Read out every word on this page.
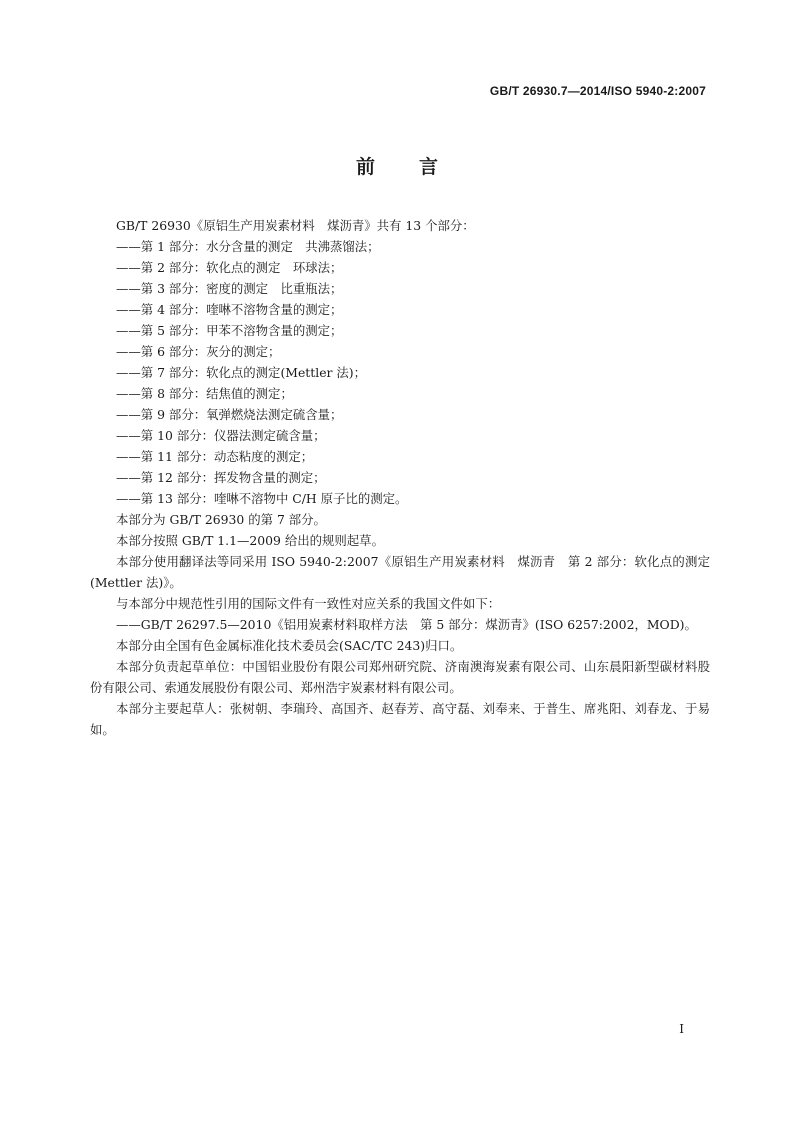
GB/T 26930.7—2014/ISO 5940-2:2007
前言

GB/T 26930《原铝生产用炭素材料　煤沥青》共有 13 个部分：

——第 1 部分：水分含量的测定　共沸蒸馏法；

——第 2 部分：软化点的测定　环球法；

——第 3 部分：密度的测定　比重瓶法；

——第 4 部分：喹啉不溶物含量的测定；

——第 5 部分：甲苯不溶物含量的测定；

——第 6 部分：灰分的测定；

——第 7 部分：软化点的测定(Mettler 法)；

——第 8 部分：结焦值的测定；

——第 9 部分：氧弹燃烧法测定硫含量；

——第 10 部分：仪器法测定硫含量；

——第 11 部分：动态粘度的测定；

——第 12 部分：挥发物含量的测定；

——第 13 部分：喹啉不溶物中 C/H 原子比的测定。

本部分为 GB/T 26930 的第 7 部分。

本部分按照 GB/T 1.1—2009 给出的规则起草。

本部分使用翻译法等同采用 ISO 5940-2:2007《原铝生产用炭素材料　煤沥青　第 2 部分：软化点的测定(Mettler 法)》。

与本部分中规范性引用的国际文件有一致性对应关系的我国文件如下：

——GB/T 26297.5—2010《铝用炭素材料取样方法　第 5 部分：煤沥青》(ISO 6257:2002，MOD)。

本部分由全国有色金属标准化技术委员会(SAC/TC 243)归口。

本部分负责起草单位：中国铝业股份有限公司郑州研究院、济南澳海炭素有限公司、山东晨阳新型碳材料股份有限公司、索通发展股份有限公司、郑州浩宇炭素材料有限公司。

本部分主要起草人：张树朝、李瑞玲、高国齐、赵春芳、高守磊、刘奉来、于普生、席兆阳、刘春龙、于易如。

I
